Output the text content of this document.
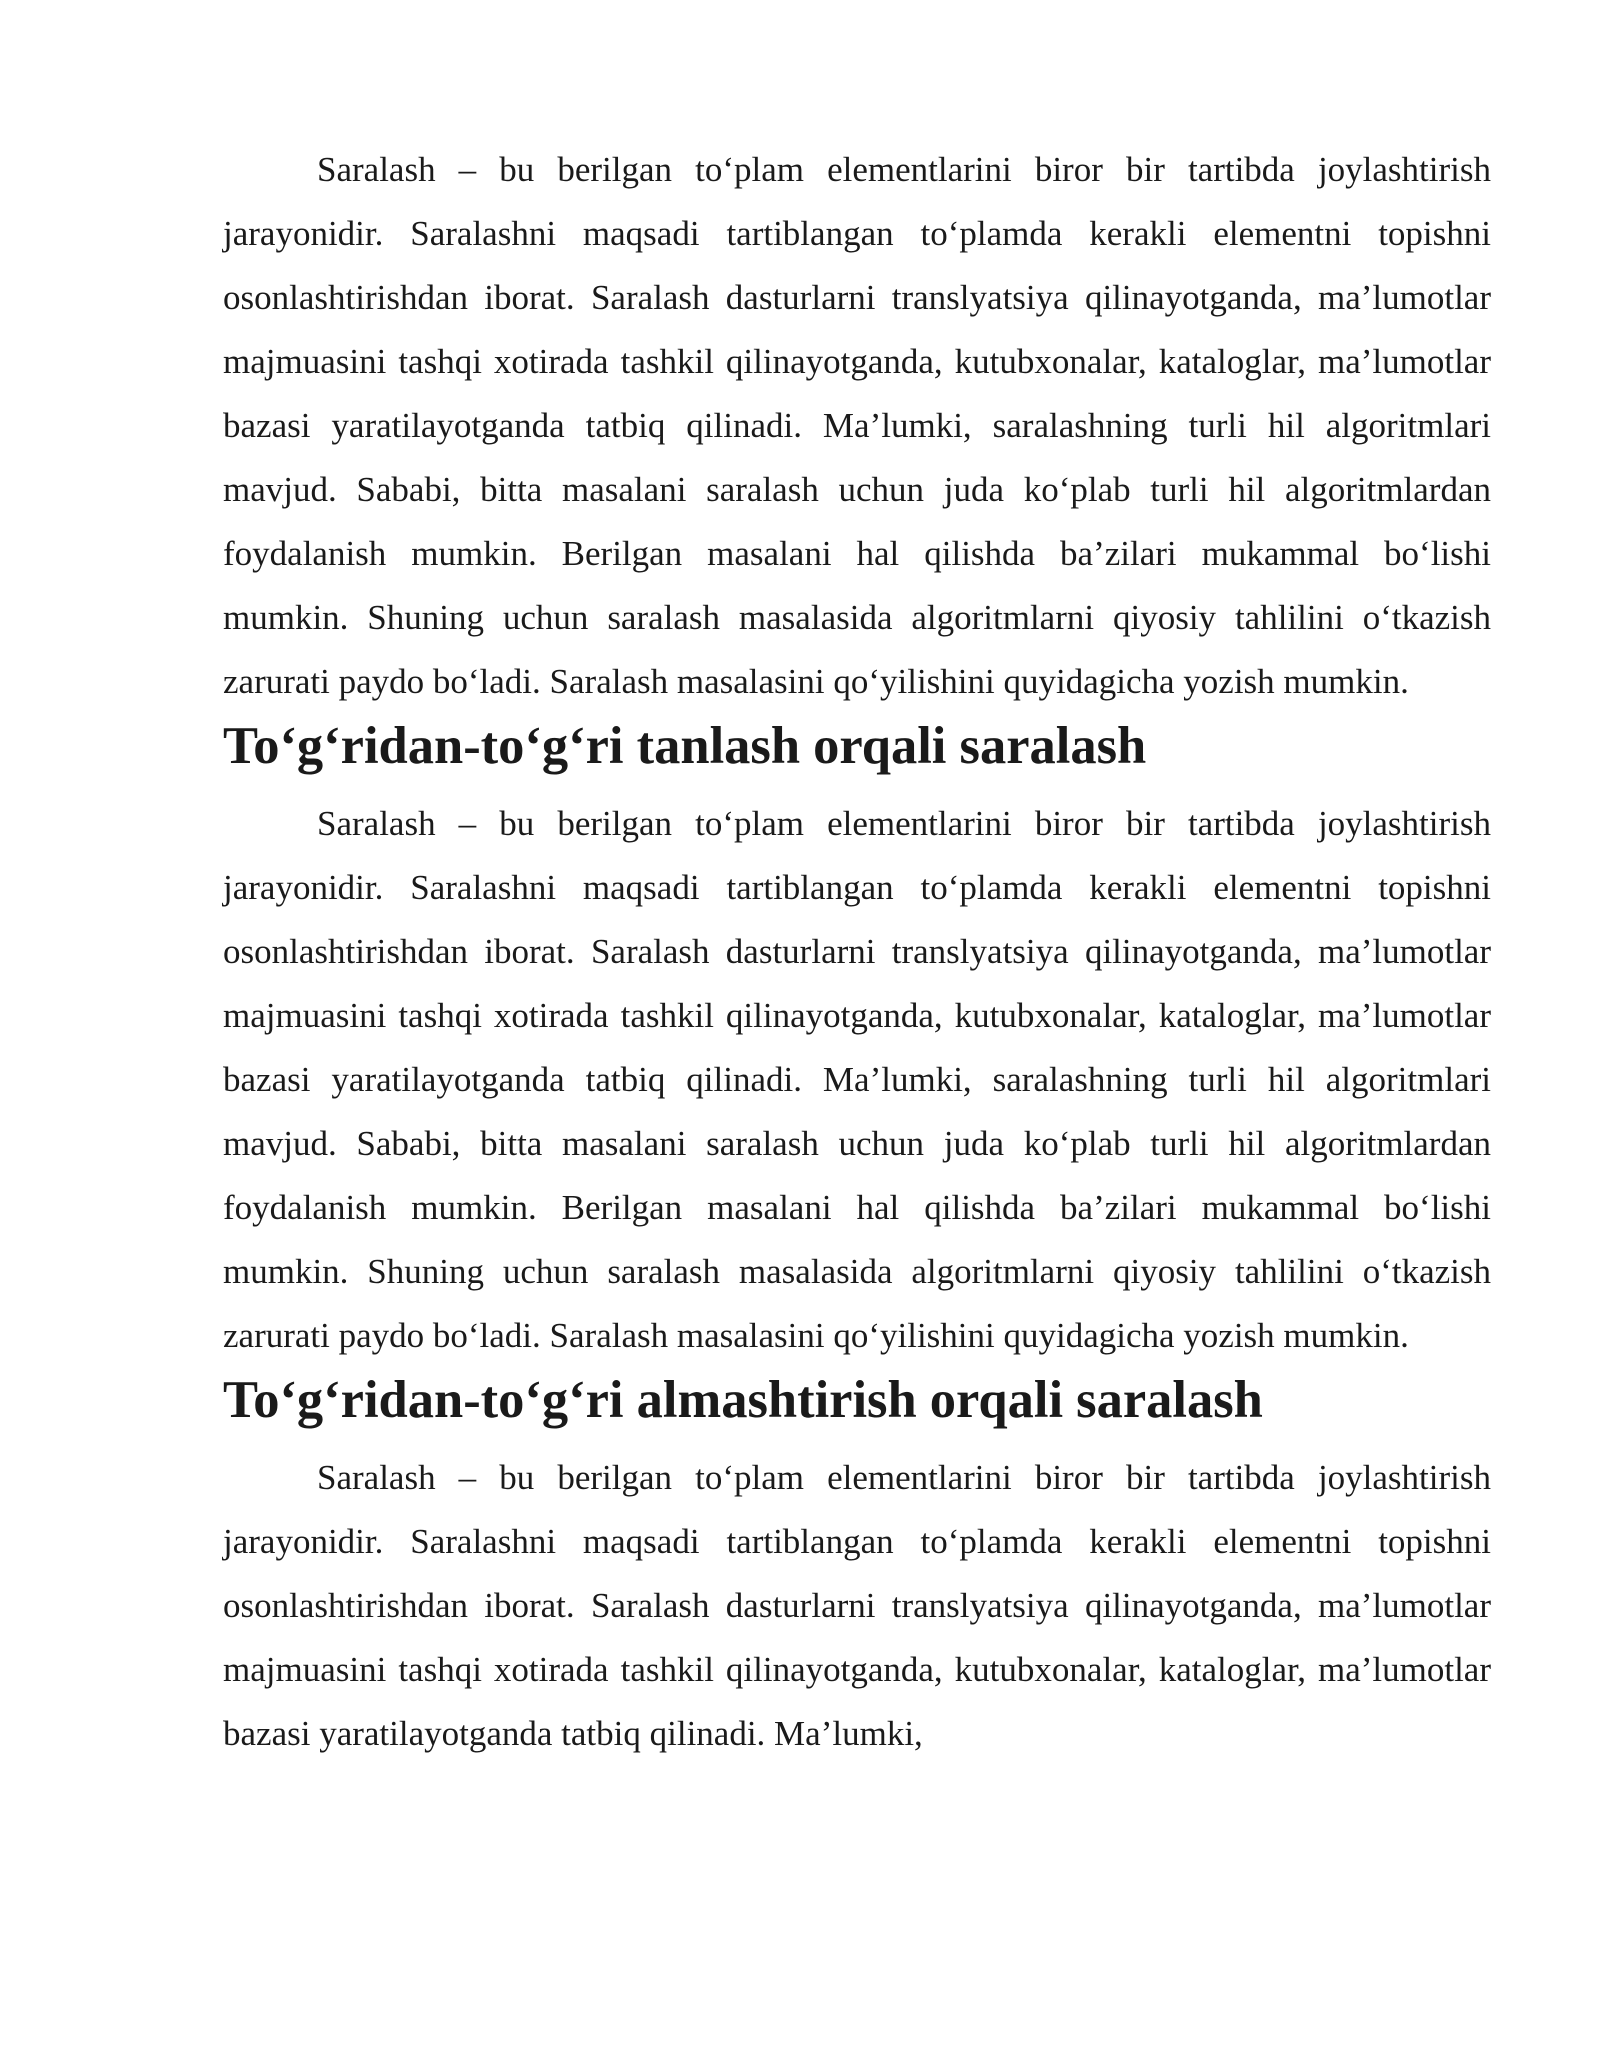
Saralash – bu berilgan to‘plam elementlarini biror bir tartibda joylashtirish jarayonidir. Saralashni maqsadi tartiblangan to‘plamda kerakli elementni topishni osonlashtirishdan iborat. Saralash dasturlarni translyatsiya qilinayotganda, ma’lumotlar majmuasini tashqi xotirada tashkil qilinayotganda, kutubxonalar, kataloglar, ma’lumotlar bazasi yaratilayotganda tatbiq qilinadi. Ma’lumki, saralashning turli hil algoritmlari mavjud. Sababi, bitta masalani saralash uchun juda ko‘plab turli hil algoritmlardan foydalanish mumkin. Berilgan masalani hal qilishda ba’zilari mukammal bo‘lishi mumkin. Shuning uchun saralash masalasida algoritmlarni qiyosiy tahlilini o‘tkazish zarurati paydo bo‘ladi. Saralash masalasini qo‘yilishini quyidagicha yozish mumkin.

To‘g‘ridan-to‘g‘ri tanlash orqali saralash

Saralash – bu berilgan to‘plam elementlarini biror bir tartibda joylashtirish jarayonidir. Saralashni maqsadi tartiblangan to‘plamda kerakli elementni topishni osonlashtirishdan iborat. Saralash dasturlarni translyatsiya qilinayotganda, ma’lumotlar majmuasini tashqi xotirada tashkil qilinayotganda, kutubxonalar, kataloglar, ma’lumotlar bazasi yaratilayotganda tatbiq qilinadi. Ma’lumki, saralashning turli hil algoritmlari mavjud. Sababi, bitta masalani saralash uchun juda ko‘plab turli hil algoritmlardan foydalanish mumkin. Berilgan masalani hal qilishda ba’zilari mukammal bo‘lishi mumkin. Shuning uchun saralash masalasida algoritmlarni qiyosiy tahlilini o‘tkazish zarurati paydo bo‘ladi. Saralash masalasini qo‘yilishini quyidagicha yozish mumkin.

To‘g‘ridan-to‘g‘ri almashtirish orqali saralash

Saralash – bu berilgan to‘plam elementlarini biror bir tartibda joylashtirish jarayonidir. Saralashni maqsadi tartiblangan to‘plamda kerakli elementni topishni osonlashtirishdan iborat. Saralash dasturlarni translyatsiya qilinayotganda, ma’lumotlar majmuasini tashqi xotirada tashkil qilinayotganda, kutubxonalar, kataloglar, ma’lumotlar bazasi yaratilayotganda tatbiq qilinadi. Ma’lumki,
